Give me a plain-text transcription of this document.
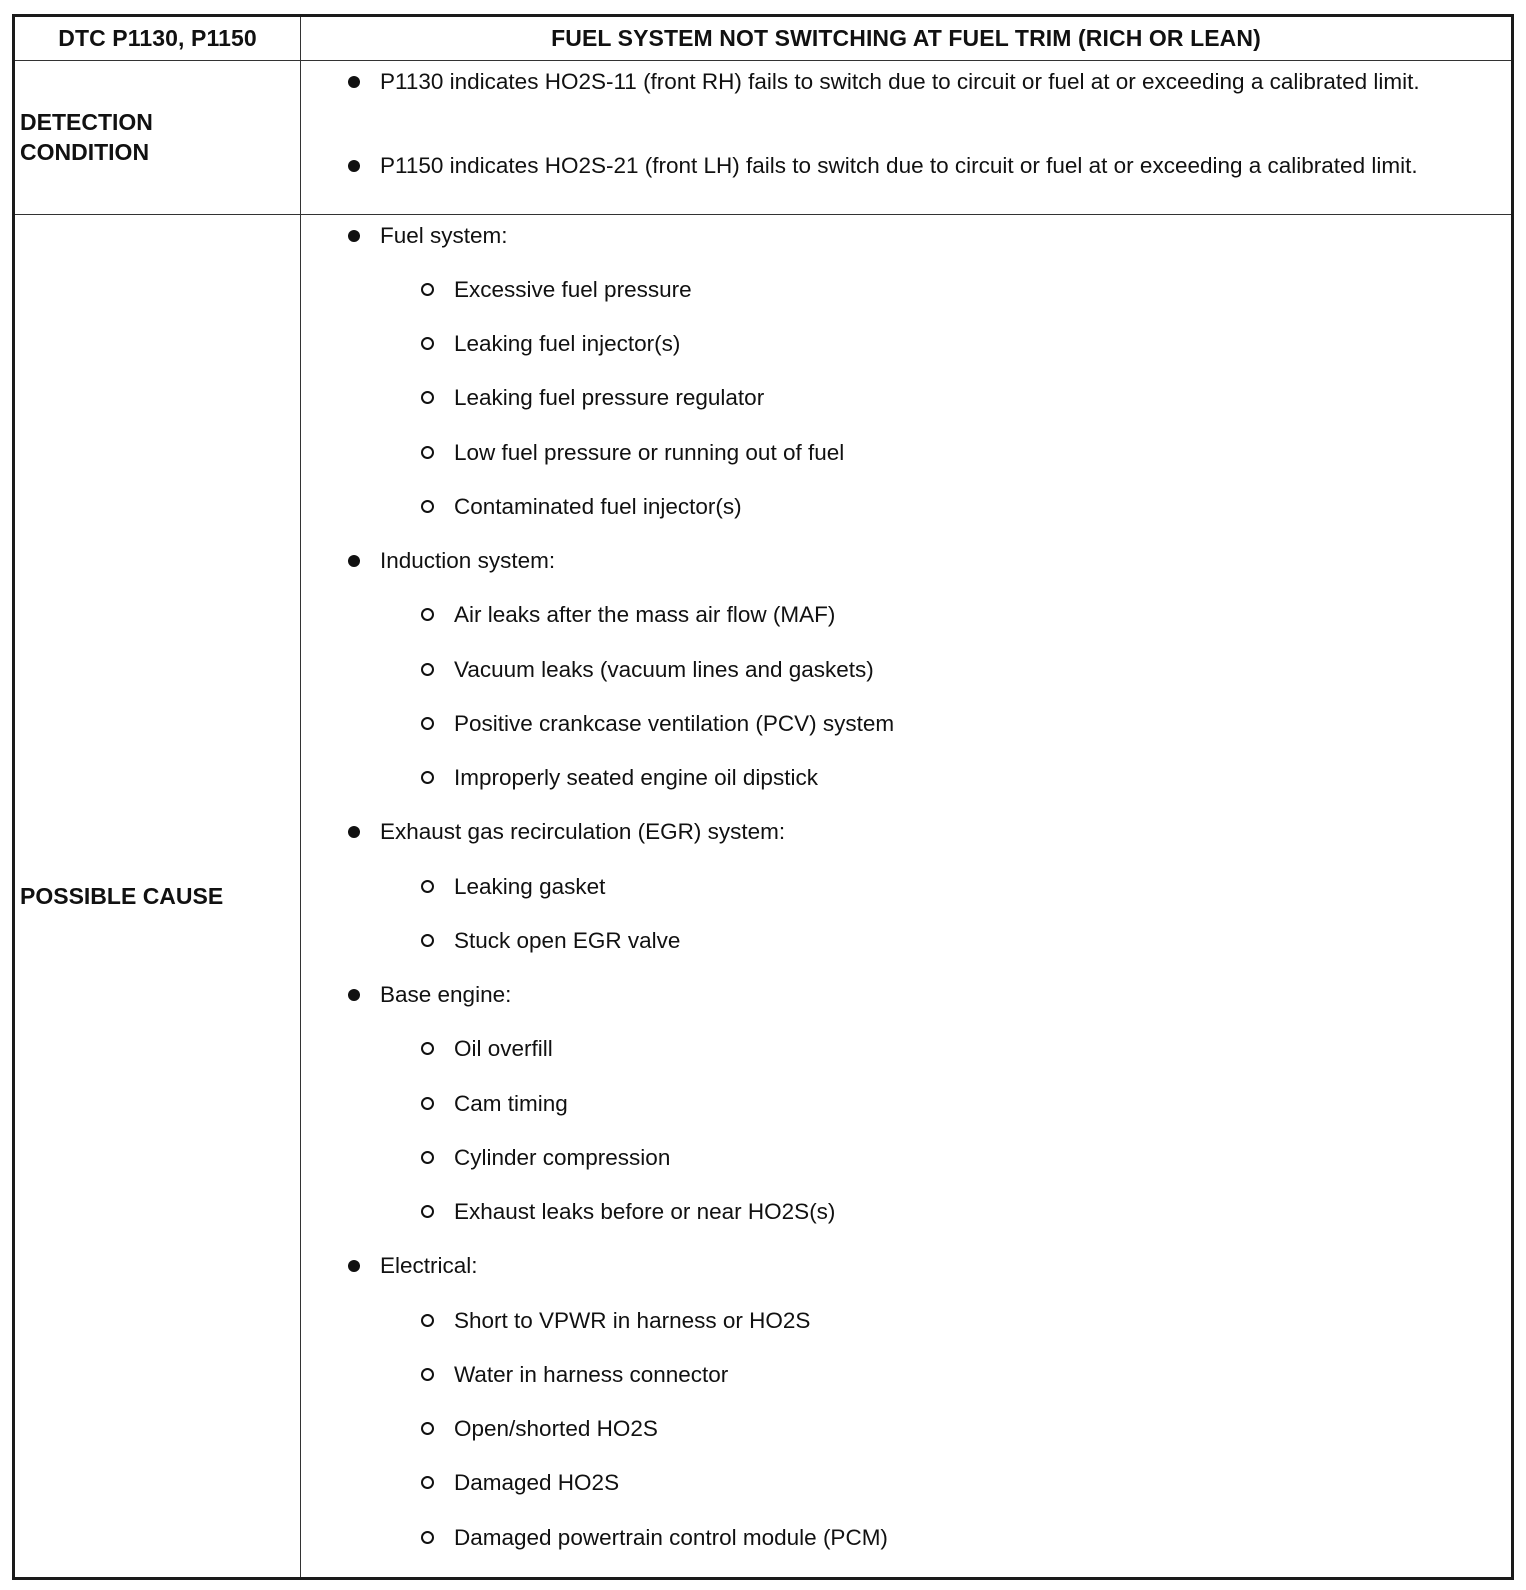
DTC P1130, P1150	FUEL SYSTEM NOT SWITCHING AT FUEL TRIM (RICH OR LEAN)
DETECTION
CONDITION
P1130 indicates HO2S-11 (front RH) fails to switch due to circuit or fuel at or exceeding a calibrated limit.
P1150 indicates HO2S-21 (front LH) fails to switch due to circuit or fuel at or exceeding a calibrated limit.
POSSIBLE CAUSE
Fuel system:
Excessive fuel pressure
Leaking fuel injector(s)
Leaking fuel pressure regulator
Low fuel pressure or running out of fuel
Contaminated fuel injector(s)
Induction system:
Air leaks after the mass air flow (MAF)
Vacuum leaks (vacuum lines and gaskets)
Positive crankcase ventilation (PCV) system
Improperly seated engine oil dipstick
Exhaust gas recirculation (EGR) system:
Leaking gasket
Stuck open EGR valve
Base engine:
Oil overfill
Cam timing
Cylinder compression
Exhaust leaks before or near HO2S(s)
Electrical:
Short to VPWR in harness or HO2S
Water in harness connector
Open/shorted HO2S
Damaged HO2S
Damaged powertrain control module (PCM)
